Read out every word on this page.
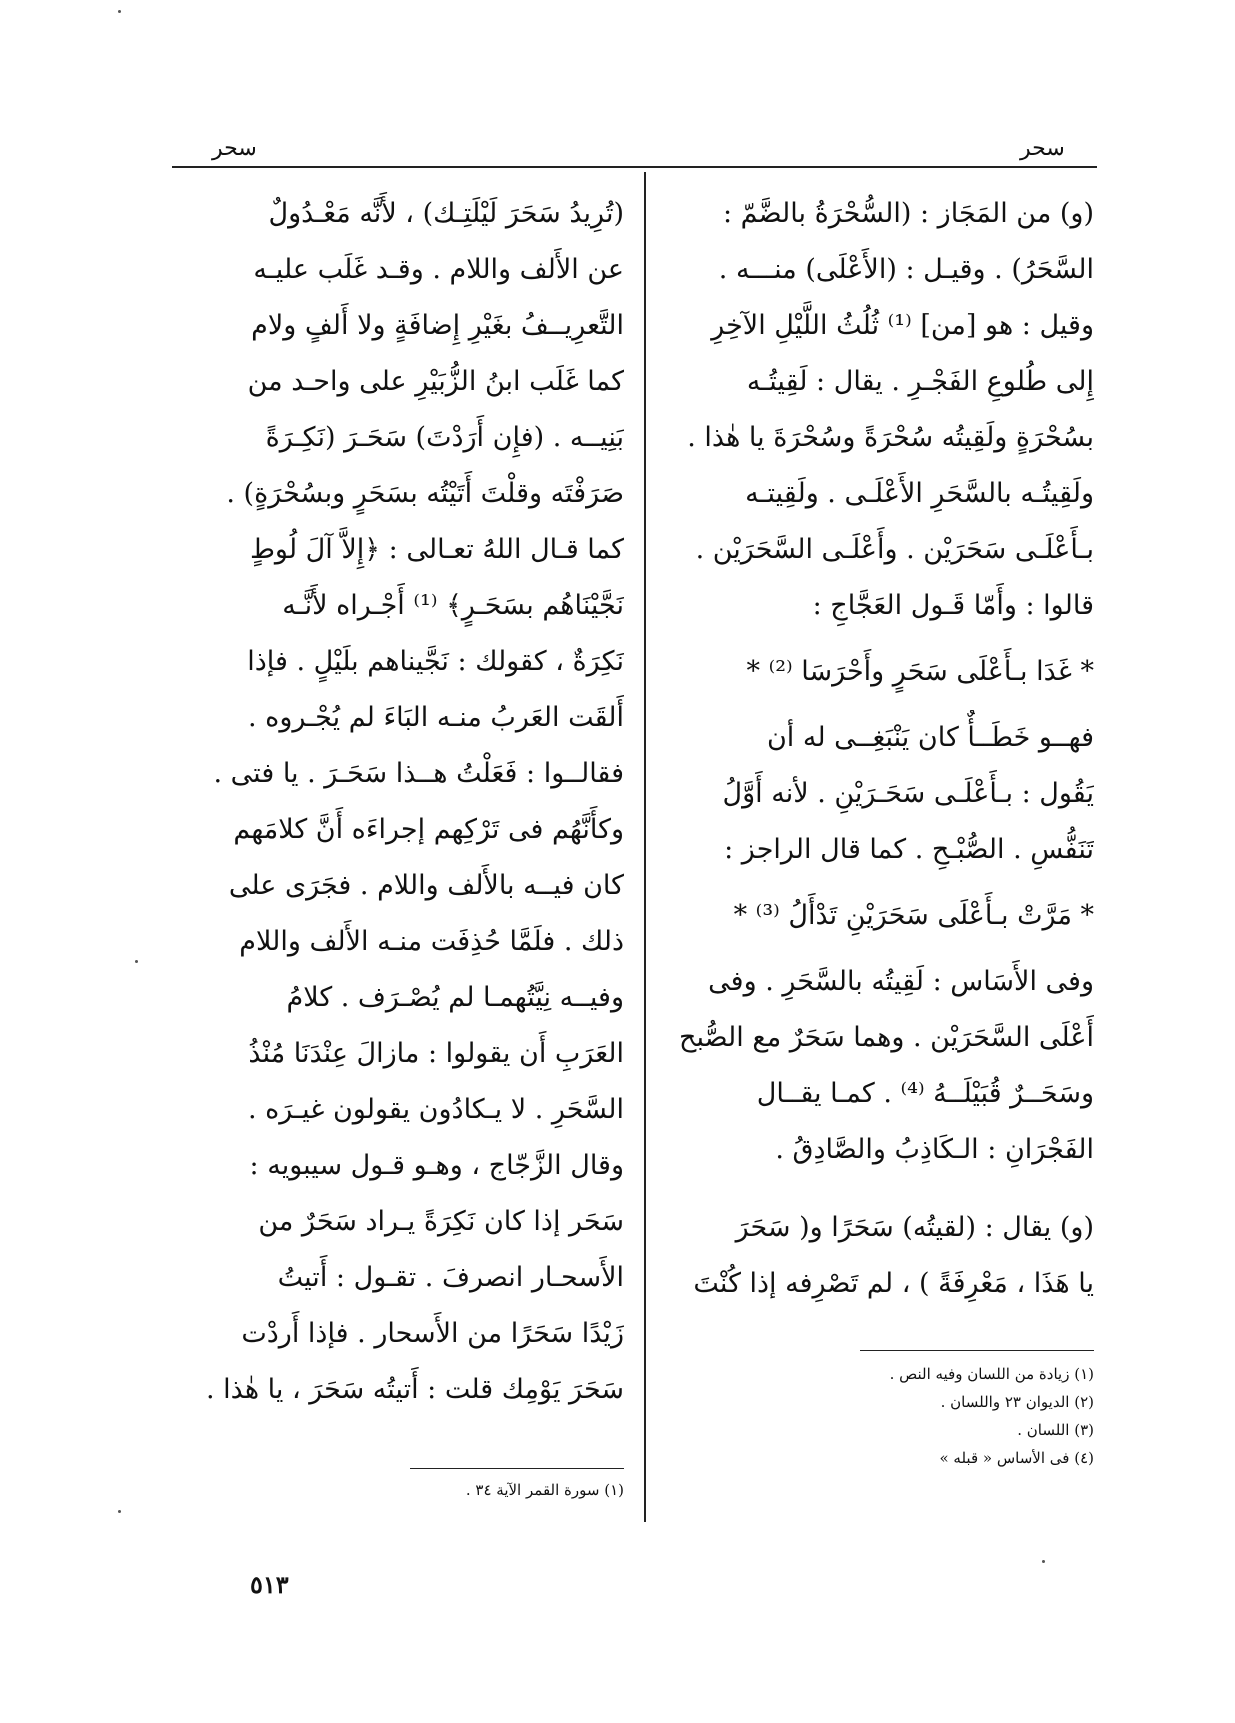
سحر
سحر
(و) من المَجَاز : (السُّحْرَةُ بالضَّمّ :
السَّحَرُ) . وقيـل : (الأَعْلَى) منـــه .
وقيل : هو [من] ⁽¹⁾ ثُلُثُ اللَّيْلِ الآخِرِ
إِلى طُلوعِ الفَجْـرِ . يقال : لَقِيتُـه
بسُحْرَةٍ ولَقِيتُه سُحْرَةً وسُحْرَةَ يا هٰذا .
ولَقِيتُـه بالسَّحَرِ الأَعْلَـى . ولَقِيتـه
بـأَعْلَـى سَحَرَيْن . وأَعْلَـى السَّحَرَيْن .
قالوا : وأَمّا قَـول العَجَّاجِ :
* غَدَا بـأَعْلَى سَحَرٍ وأَحْرَسَا ⁽²⁾ *
فهــو خَطَــأٌ كان يَنْبَغِــى له أن
يَقُول : بـأَعْلَـى سَحَـرَيْنِ . لأنه أَوَّلُ
تَنَفُّسِ . الصُّبْـحِ . كما قال الراجز :
* مَرَّتْ بـأَعْلَى سَحَرَيْنِ تَدْأَلُ ⁽³⁾ *
وفى الأَسَاس : لَقِيتُه بالسَّحَرِ . وفى
أَعْلَى السَّحَرَيْن . وهما سَحَرٌ مع الصُّبح
وسَحَــرٌ قُبَيْلَــهُ ⁽⁴⁾ . كمـا يقــال
الفَجْرَانِ : الـكَاذِبُ والصَّادِقُ .
(و) يقال : (لقيتُه) سَحَرًا و( سَحَرَ
يا هَذَا ، مَعْرِفَةً ) ، لم تَصْرِفه إذا كُنْتَ
(١) زيادة من اللسان وفيه النص .
(٢) الديوان ٢٣ واللسان .
(٣) اللسان .
(٤) فى الأساس « قبله »
(تُرِيدُ سَحَرَ لَيْلَتِـك) ، لأَنَّه مَعْـدُولٌ
عن الأَلف واللام . وقـد غَلَب عليـه
التَّعرِيــفُ بغَيْرِ إِضافَةٍ ولا أَلفٍ ولام
كما غَلَب ابنُ الزُّبَيْرِ على واحـد من
بَنِيــه . (فإِن أَرَدْتَ) سَحَـرَ (نَكِـرَةً
صَرَفْتَه وقلْتَ أَتَيْتُه بسَحَرٍ وبسُحْرَةٍ) .
كما قـال اللهُ تعـالى : ﴿إِلاَّ آلَ لُوطٍ
نَجَّيْنَاهُم بسَحَـرٍ﴾ ⁽¹⁾ أَجْـراه لأَنَّـه
نَكِرَةٌ ، كقولك : نَجَّيناهم بلَيْلٍ . فإذا
أَلقَت العَربُ منـه البَاءَ لم يُجْـروه .
فقالــوا : فَعَلْتُ هــذا سَحَـرَ . يا فتى .
وكأَنَّهُم فى تَرْكِهم إجراءَه أَنَّ كلامَهم
كان فيــه بالأَلف واللام . فجَرَى على
ذلك . فلَمَّا حُذِفَت منـه الأَلف واللام
وفيــه نِيَّتُهمـا لم يُصْـرَف . كلامُ
العَرَبِ أَن يقولوا : مازالَ عِنْدَنَا مُنْذُ
السَّحَرِ . لا يـكادُون يقولون غيـرَه .
وقال الزَّجّاج ، وهـو قـول سيبويه :
سَحَر إذا كان نَكِرَةً يـراد سَحَرٌ من
الأَسحـار انصرفَ . تقـول : أَتيتُ
زَيْدًا سَحَرًا من الأَسحار . فإذا أَردْت
سَحَرَ يَوْمِك قلت : أَتيتُه سَحَرَ ، يا هٰذا .
(١) سورة القمر الآية ٣٤ .
٥١٣
